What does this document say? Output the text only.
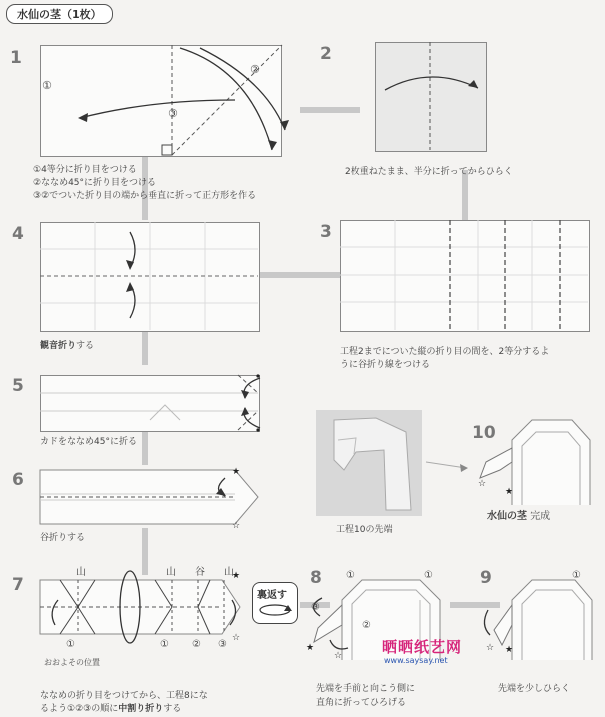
水仙の茎（1枚）
1
①
②
③
①4等分に折り目をつける
②ななめ45°に折り目をつける
③②でついた折り目の端から垂直に折って正方形を作る
2
2枚重ねたまま、半分に折ってからひらく
3
工程2までについた縦の折り目の間を、2等分するよ
うに谷折り線をつける
4
観音折りする
5
カドをななめ45°に折る
6	★
☆
谷折りする
7
山	山 谷 山
★
☆
①	① ② ③
おおよその位置
ななめの折り目をつけてから、工程8にな
るよう①②③の順に中割り折りする
裏返す
8
★
☆
③
②
①	①
先端を手前と向こう側に
直角に折ってひろげる
9
☆ ★
①
先端を少しひらく
工程10の先端
10
☆
★
水仙の茎 完成
晒晒纸艺网
www.saysay.net
